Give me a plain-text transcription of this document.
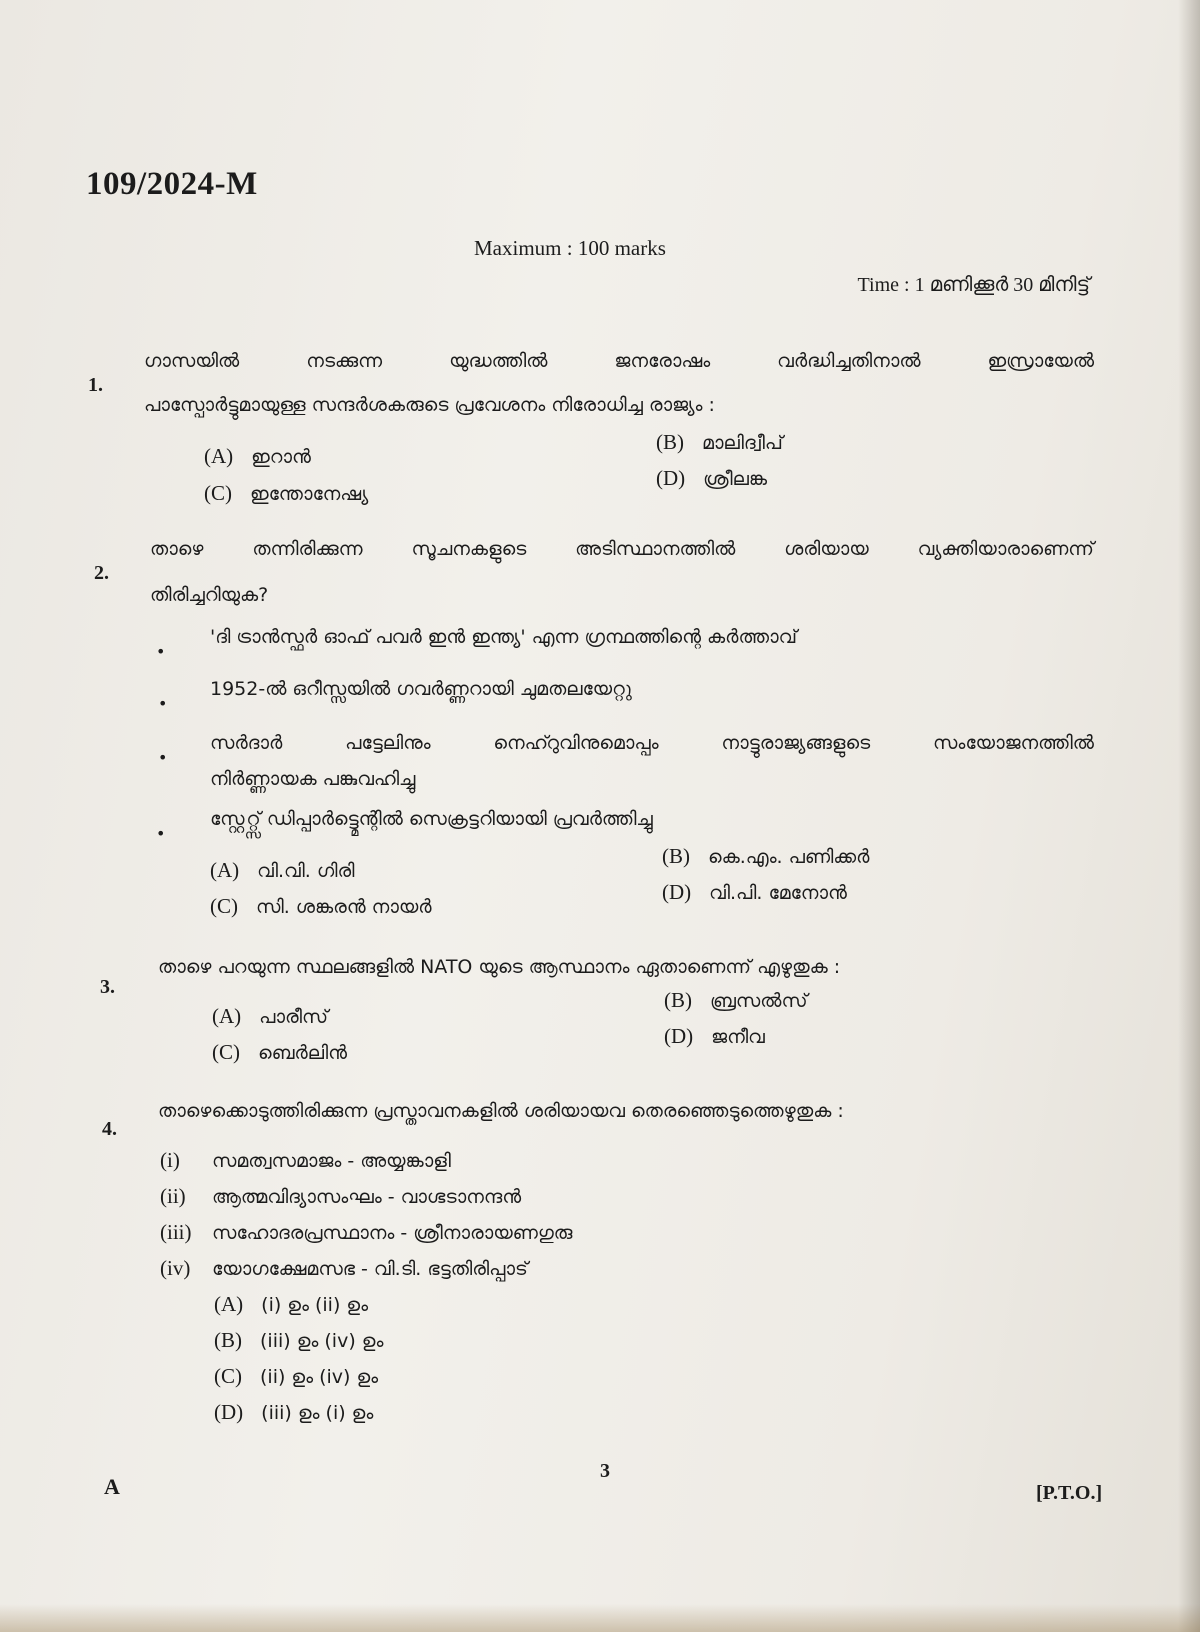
109/2024-M
Maximum : 100 marks
Time : 1 മണിക്കൂർ 30 മിനിട്ട്
1.
ഗാസയിൽ	നടക്കുന്ന	യുദ്ധത്തിൽ	ജനരോഷം	വർദ്ധിച്ചതിനാൽ	ഇസ്രായേൽ
പാസ്പോർട്ടുമായുള്ള സന്ദർശകരുടെ പ്രവേശനം നിരോധിച്ച രാജ്യം :
(A) ഇറാൻ
(B) മാലിദ്വീപ്
(C) ഇന്തോനേഷ്യ
(D) ശ്രീലങ്ക
2.
താഴെ	തന്നിരിക്കുന്ന	സൂചനകളുടെ	അടിസ്ഥാനത്തിൽ	ശരിയായ	വ്യക്തിയാരാണെന്ന്
തിരിച്ചറിയുക?
•
'ദി ട്രാൻസ്ഫർ ഓഫ് പവർ ഇൻ ഇന്ത്യ' എന്ന ഗ്രന്ഥത്തിന്റെ കർത്താവ്
•
1952-ൽ ഒറീസ്സയിൽ ഗവർണ്ണറായി ചുമതലയേറ്റു
•
സർദാർ	പട്ടേലിനും	നെഹ്റുവിനുമൊപ്പം	നാട്ടുരാജ്യങ്ങളുടെ	സംയോജനത്തിൽ
നിർണ്ണായക പങ്കുവഹിച്ചു
•
സ്റ്റേറ്റ്സ് ഡിപ്പാർട്ട്മെന്റിൽ സെക്രട്ടറിയായി പ്രവർത്തിച്ചു
(A) വി.വി. ഗിരി
(B) കെ.എം. പണിക്കർ
(C) സി. ശങ്കരൻ നായർ
(D) വി.പി. മേനോൻ
3.
താഴെ പറയുന്ന സ്ഥലങ്ങളിൽ NATO യുടെ ആസ്ഥാനം ഏതാണെന്ന് എഴുതുക :
(A) പാരീസ്
(B) ബ്രസൽസ്
(C) ബെർലിൻ
(D) ജനീവ
4.
താഴെക്കൊടുത്തിരിക്കുന്ന പ്രസ്താവനകളിൽ ശരിയായവ തെരഞ്ഞെടുത്തെഴുതുക :
(i) സമത്വസമാജം - അയ്യങ്കാളി
(ii) ആത്മവിദ്യാസംഘം - വാഗ്ഭടാനന്ദൻ
(iii) സഹോദരപ്രസ്ഥാനം - ശ്രീനാരായണഗുരു
(iv) യോഗക്ഷേമസഭ - വി.ടി. ഭട്ടതിരിപ്പാട്
(A) (i) ഉം (ii) ഉം
(B) (iii) ഉം (iv) ഉം
(C) (ii) ഉം (iv) ഉം
(D) (iii) ഉം (i) ഉം
A
3
[P.T.O.]
